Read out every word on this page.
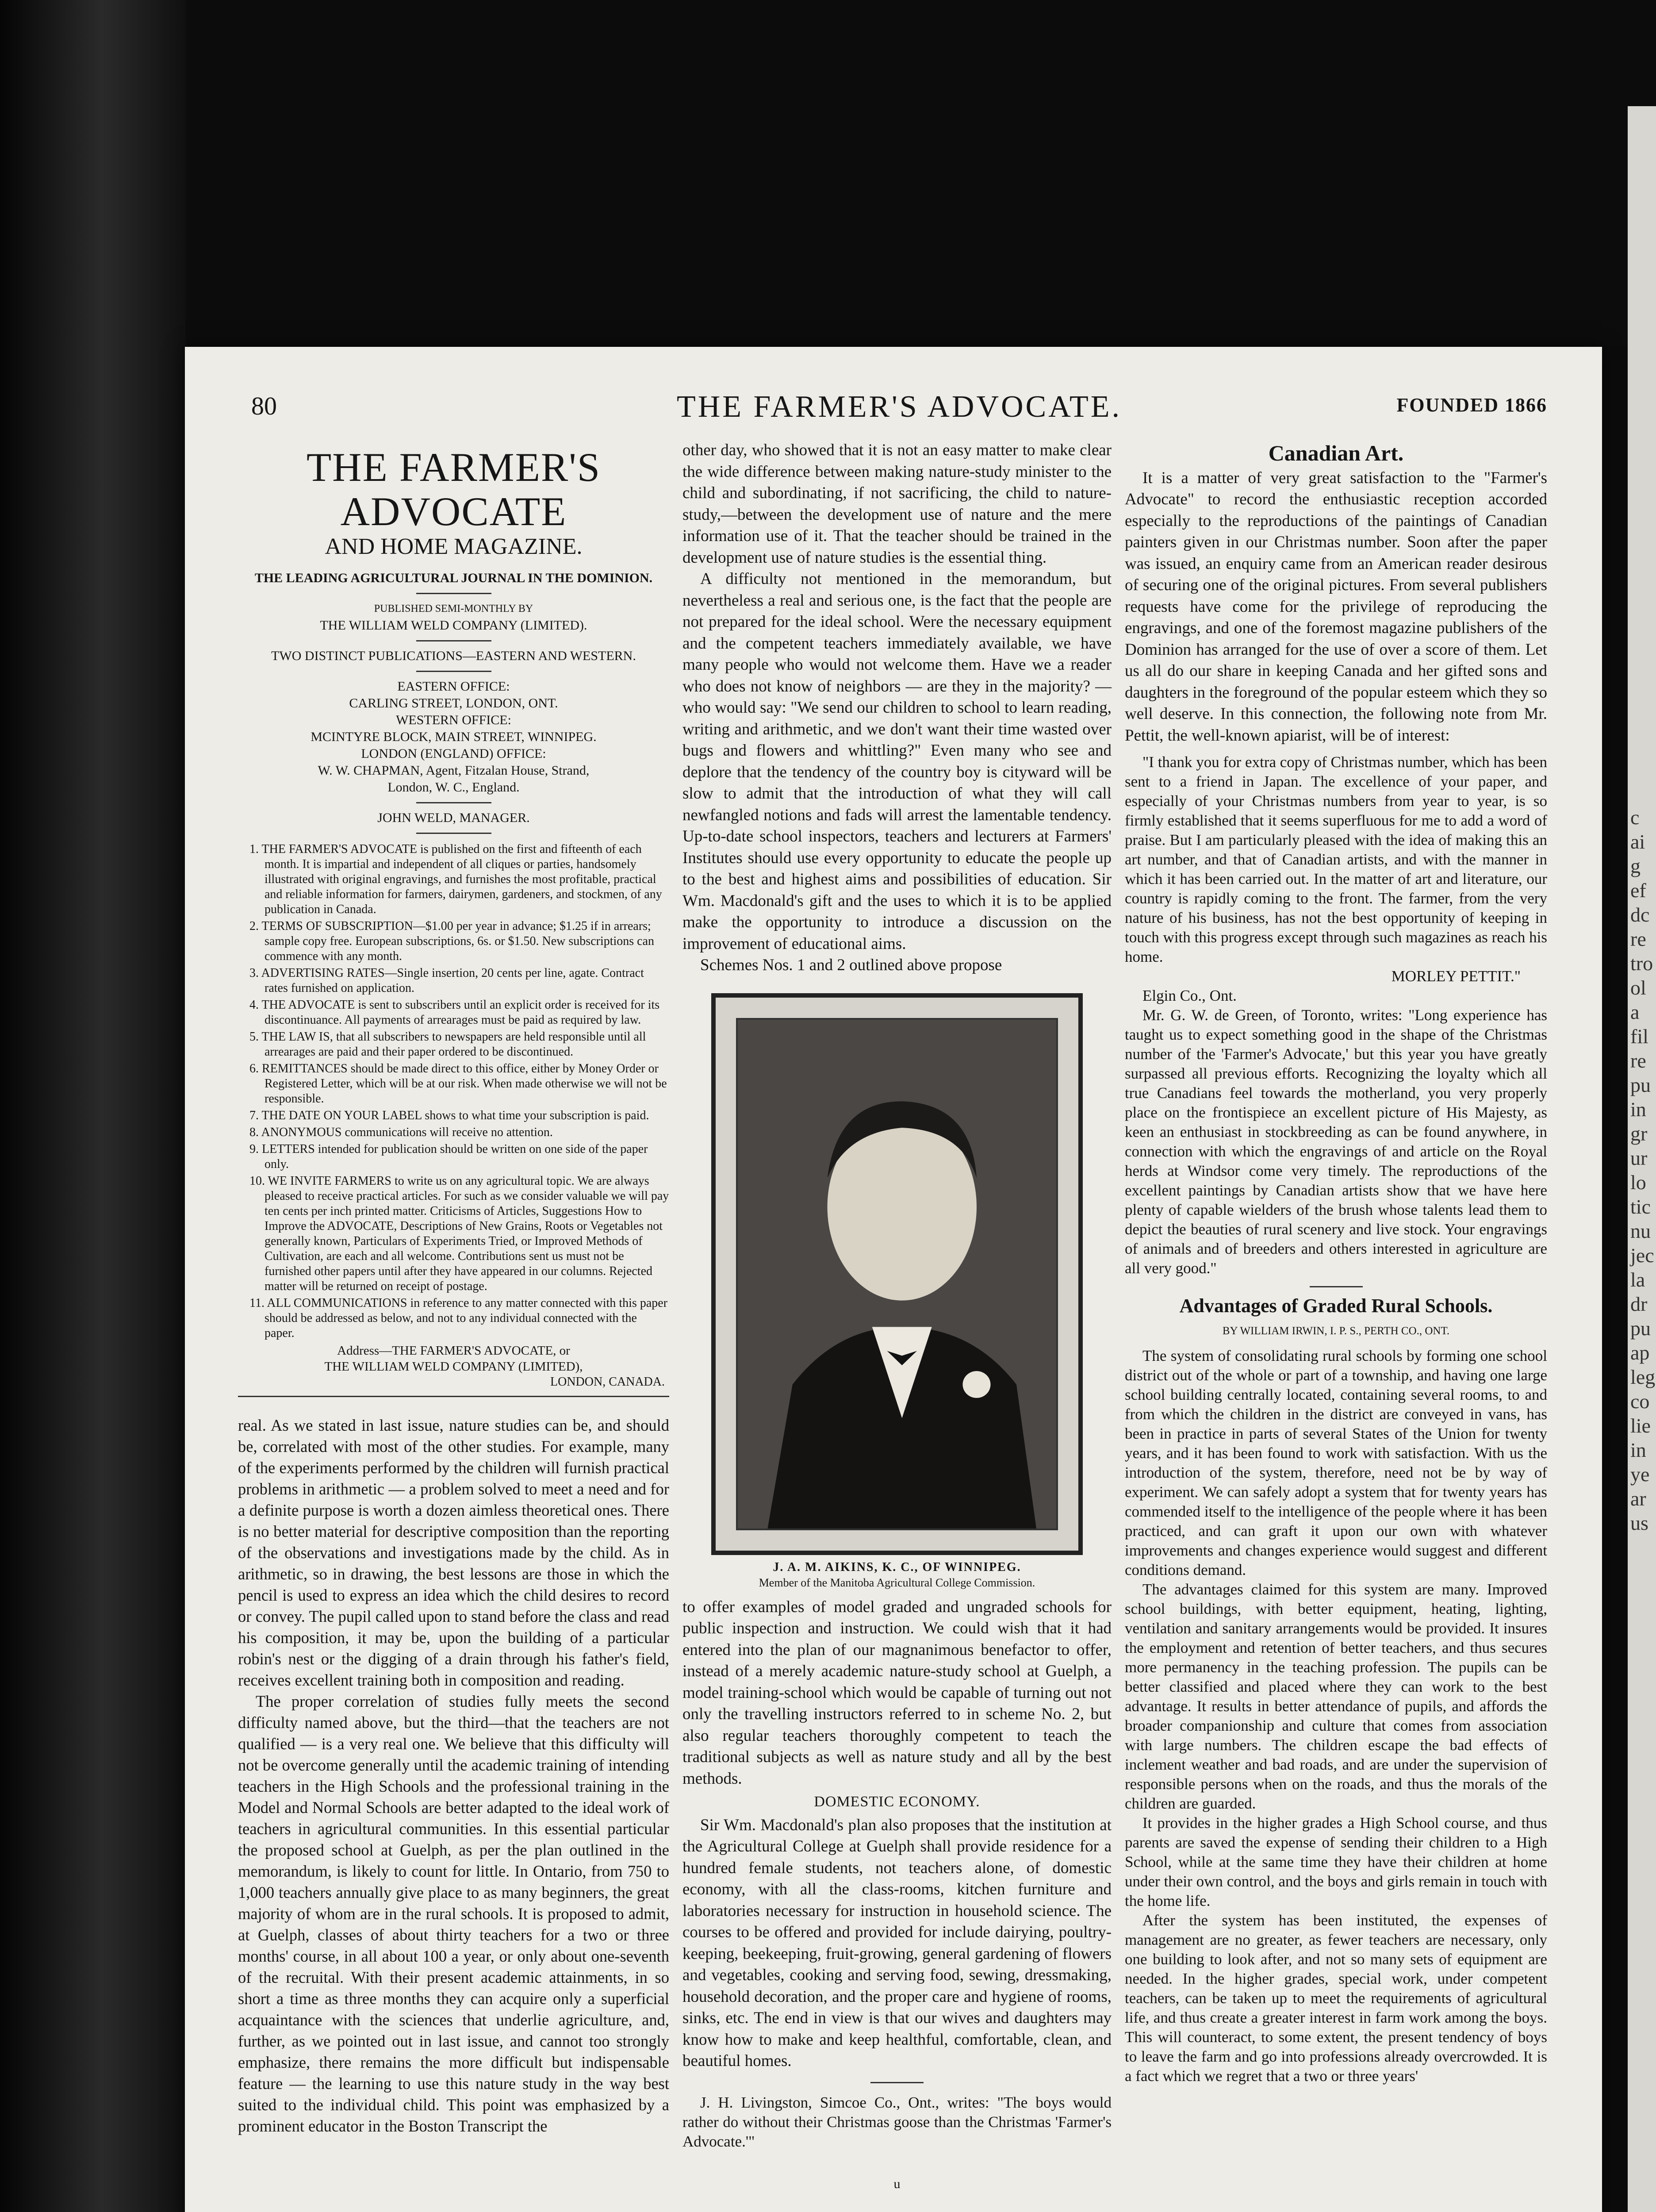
c
ai
g
ef
dc
re
tro
ol
a
fil
re
pu
in
gr
ur
lo
tic
nu
jec
la
dr
pu
ap
leg
co
lie
in
ye
ar
us
80	THE FARMER'S ADVOCATE.	FOUNDED 1866
THE FARMER'S ADVOCATE
AND HOME MAGAZINE.
THE LEADING AGRICULTURAL JOURNAL IN THE DOMINION.
PUBLISHED SEMI-MONTHLY BY
THE WILLIAM WELD COMPANY (LIMITED).
TWO DISTINCT PUBLICATIONS—EASTERN AND WESTERN.
EASTERN OFFICE:
CARLING STREET, LONDON, ONT.
WESTERN OFFICE:
MCINTYRE BLOCK, MAIN STREET, WINNIPEG.
LONDON (ENGLAND) OFFICE:
W. W. CHAPMAN, Agent, Fitzalan House, Strand,
London, W. C., England.
JOHN WELD, MANAGER.
1. THE FARMER'S ADVOCATE is published on the first and fifteenth of each month. It is impartial and independent of all cliques or parties, handsomely illustrated with original engravings, and furnishes the most profitable, practical and reliable information for farmers, dairymen, gardeners, and stockmen, of any publication in Canada.
2. TERMS OF SUBSCRIPTION—$1.00 per year in advance; $1.25 if in arrears; sample copy free. European subscriptions, 6s. or $1.50. New subscriptions can commence with any month.
3. ADVERTISING RATES—Single insertion, 20 cents per line, agate. Contract rates furnished on application.
4. THE ADVOCATE is sent to subscribers until an explicit order is received for its discontinuance. All payments of arrearages must be paid as required by law.
5. THE LAW IS, that all subscribers to newspapers are held responsible until all arrearages are paid and their paper ordered to be discontinued.
6. REMITTANCES should be made direct to this office, either by Money Order or Registered Letter, which will be at our risk. When made otherwise we will not be responsible.
7. THE DATE ON YOUR LABEL shows to what time your subscription is paid.
8. ANONYMOUS communications will receive no attention.
9. LETTERS intended for publication should be written on one side of the paper only.
10. WE INVITE FARMERS to write us on any agricultural topic. We are always pleased to receive practical articles. For such as we consider valuable we will pay ten cents per inch printed matter. Criticisms of Articles, Suggestions How to Improve the ADVOCATE, Descriptions of New Grains, Roots or Vegetables not generally known, Particulars of Experiments Tried, or Improved Methods of Cultivation, are each and all welcome. Contributions sent us must not be furnished other papers until after they have appeared in our columns. Rejected matter will be returned on receipt of postage.
11. ALL COMMUNICATIONS in reference to any matter connected with this paper should be addressed as below, and not to any individual connected with the paper.
Address—THE FARMER'S ADVOCATE, or
THE WILLIAM WELD COMPANY (LIMITED),
LONDON, CANADA.

real. As we stated in last issue, nature studies can be, and should be, correlated with most of the other studies. For example, many of the experiments performed by the children will furnish practical problems in arithmetic — a problem solved to meet a need and for a definite purpose is worth a dozen aimless theoretical ones. There is no better material for descriptive composition than the reporting of the observations and investigations made by the child. As in arithmetic, so in drawing, the best lessons are those in which the pencil is used to express an idea which the child desires to record or convey. The pupil called upon to stand before the class and read his composition, it may be, upon the building of a particular robin's nest or the digging of a drain through his father's field, receives excellent training both in composition and reading.

The proper correlation of studies fully meets the second difficulty named above, but the third—that the teachers are not qualified — is a very real one. We believe that this difficulty will not be overcome generally until the academic training of intending teachers in the High Schools and the professional training in the Model and Normal Schools are better adapted to the ideal work of teachers in agricultural communities. In this essential particular the proposed school at Guelph, as per the plan outlined in the memorandum, is likely to count for little. In Ontario, from 750 to 1,000 teachers annually give place to as many beginners, the great majority of whom are in the rural schools. It is proposed to admit, at Guelph, classes of about thirty teachers for a two or three months' course, in all about 100 a year, or only about one-seventh of the recruital. With their present academic attainments, in so short a time as three months they can acquire only a superficial acquaintance with the sciences that underlie agriculture, and, further, as we pointed out in last issue, and cannot too strongly emphasize, there remains the more difficult but indispensable feature — the learning to use this nature study in the way best suited to the individual child. This point was emphasized by a prominent educator in the Boston Transcript the

other day, who showed that it is not an easy matter to make clear the wide difference between making nature-study minister to the child and subordinating, if not sacrificing, the child to nature-study,—between the development use of nature and the mere information use of it. That the teacher should be trained in the development use of nature studies is the essential thing.

A difficulty not mentioned in the memorandum, but nevertheless a real and serious one, is the fact that the people are not prepared for the ideal school. Were the necessary equipment and the competent teachers immediately available, we have many people who would not welcome them. Have we a reader who does not know of neighbors — are they in the majority? — who would say: "We send our children to school to learn reading, writing and arithmetic, and we don't want their time wasted over bugs and flowers and whittling?" Even many who see and deplore that the tendency of the country boy is cityward will be slow to admit that the introduction of what they will call newfangled notions and fads will arrest the lamentable tendency. Up-to-date school inspectors, teachers and lecturers at Farmers' Institutes should use every opportunity to educate the people up to the best and highest aims and possibilities of education. Sir Wm. Macdonald's gift and the uses to which it is to be applied make the opportunity to introduce a discussion on the improvement of educational aims.

Schemes Nos. 1 and 2 outlined above propose

J. A. M. AIKINS, K. C., OF WINNIPEG.
Member of the Manitoba Agricultural College Commission.

to offer examples of model graded and ungraded schools for public inspection and instruction. We could wish that it had entered into the plan of our magnanimous benefactor to offer, instead of a merely academic nature-study school at Guelph, a model training-school which would be capable of turning out not only the travelling instructors referred to in scheme No. 2, but also regular teachers thoroughly competent to teach the traditional subjects as well as nature study and all by the best methods.

DOMESTIC ECONOMY.

Sir Wm. Macdonald's plan also proposes that the institution at the Agricultural College at Guelph shall provide residence for a hundred female students, not teachers alone, of domestic economy, with all the class-rooms, kitchen furniture and laboratories necessary for instruction in household science. The courses to be offered and provided for include dairying, poultry-keeping, beekeeping, fruit-growing, general gardening of flowers and vegetables, cooking and serving food, sewing, dressmaking, household decoration, and the proper care and hygiene of rooms, sinks, etc. The end in view is that our wives and daughters may know how to make and keep healthful, comfortable, clean, and beautiful homes.

J. H. Livingston, Simcoe Co., Ont., writes: "The boys would rather do without their Christmas goose than the Christmas 'Farmer's Advocate.'"

u
Canadian Art.

It is a matter of very great satisfaction to the "Farmer's Advocate" to record the enthusiastic reception accorded especially to the reproductions of the paintings of Canadian painters given in our Christmas number. Soon after the paper was issued, an enquiry came from an American reader desirous of securing one of the original pictures. From several publishers requests have come for the privilege of reproducing the engravings, and one of the foremost magazine publishers of the Dominion has arranged for the use of over a score of them. Let us all do our share in keeping Canada and her gifted sons and daughters in the foreground of the popular esteem which they so well deserve. In this connection, the following note from Mr. Pettit, the well-known apiarist, will be of interest:

"I thank you for extra copy of Christmas number, which has been sent to a friend in Japan. The excellence of your paper, and especially of your Christmas numbers from year to year, is so firmly established that it seems superfluous for me to add a word of praise. But I am particularly pleased with the idea of making this an art number, and that of Canadian artists, and with the manner in which it has been carried out. In the matter of art and literature, our country is rapidly coming to the front. The farmer, from the very nature of his business, has not the best opportunity of keeping in touch with this progress except through such magazines as reach his home.

MORLEY PETTIT."

Elgin Co., Ont.

Mr. G. W. de Green, of Toronto, writes: "Long experience has taught us to expect something good in the shape of the Christmas number of the 'Farmer's Advocate,' but this year you have greatly surpassed all previous efforts. Recognizing the loyalty which all true Canadians feel towards the motherland, you very properly place on the frontispiece an excellent picture of His Majesty, as keen an enthusiast in stockbreeding as can be found anywhere, in connection with which the engravings of and article on the Royal herds at Windsor come very timely. The reproductions of the excellent paintings by Canadian artists show that we have here plenty of capable wielders of the brush whose talents lead them to depict the beauties of rural scenery and live stock. Your engravings of animals and of breeders and others interested in agriculture are all very good."

Advantages of Graded Rural Schools.
BY WILLIAM IRWIN, I. P. S., PERTH CO., ONT.

The system of consolidating rural schools by forming one school district out of the whole or part of a township, and having one large school building centrally located, containing several rooms, to and from which the children in the district are conveyed in vans, has been in practice in parts of several States of the Union for twenty years, and it has been found to work with satisfaction. With us the introduction of the system, therefore, need not be by way of experiment. We can safely adopt a system that for twenty years has commended itself to the intelligence of the people where it has been practiced, and can graft it upon our own with whatever improvements and changes experience would suggest and different conditions demand.

The advantages claimed for this system are many. Improved school buildings, with better equipment, heating, lighting, ventilation and sanitary arrangements would be provided. It insures the employment and retention of better teachers, and thus secures more permanency in the teaching profession. The pupils can be better classified and placed where they can work to the best advantage. It results in better attendance of pupils, and affords the broader companionship and culture that comes from association with large numbers. The children escape the bad effects of inclement weather and bad roads, and are under the supervision of responsible persons when on the roads, and thus the morals of the children are guarded.

It provides in the higher grades a High School course, and thus parents are saved the expense of sending their children to a High School, while at the same time they have their children at home under their own control, and the boys and girls remain in touch with the home life.

After the system has been instituted, the expenses of management are no greater, as fewer teachers are necessary, only one building to look after, and not so many sets of equipment are needed. In the higher grades, special work, under competent teachers, can be taken up to meet the requirements of agricultural life, and thus create a greater interest in farm work among the boys. This will counteract, to some extent, the present tendency of boys to leave the farm and go into professions already overcrowded. It is a fact which we regret that a two or three years'
